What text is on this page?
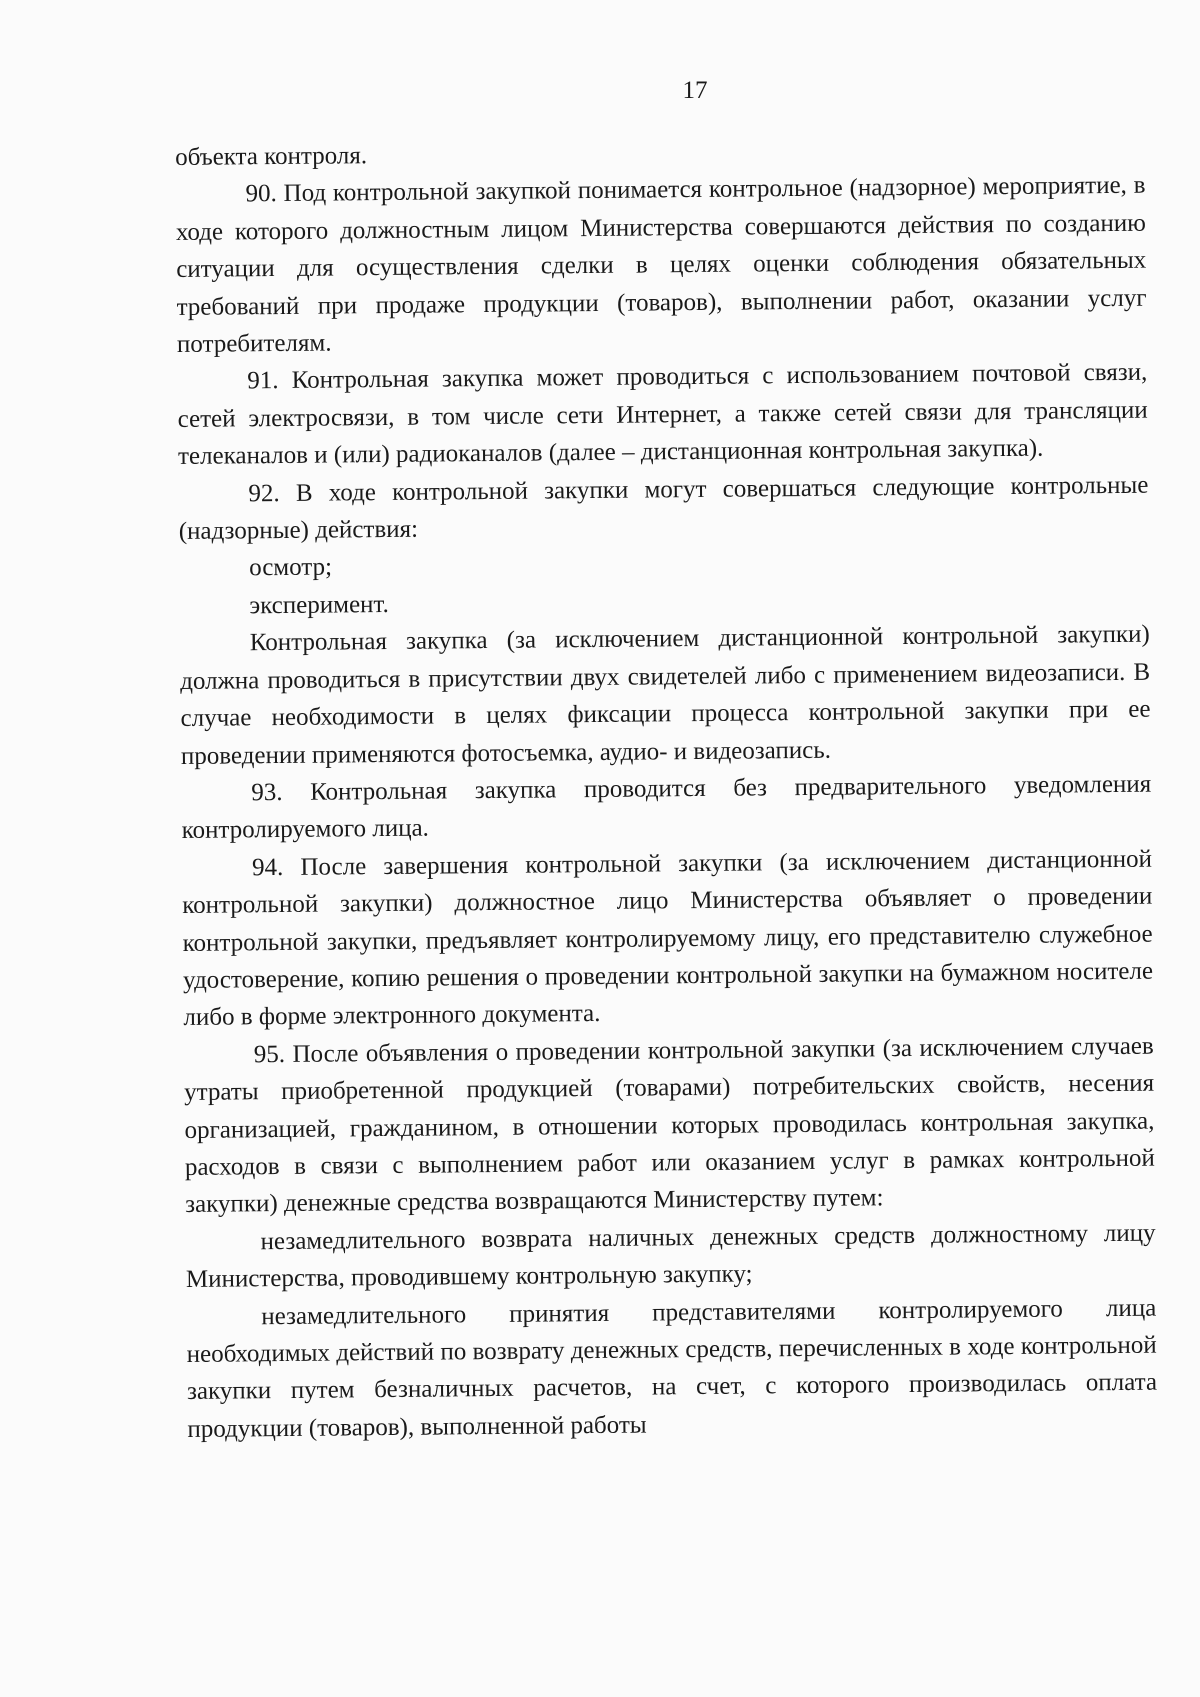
17

объекта контроля.

90. Под контрольной закупкой понимается контрольное (надзорное) мероприятие, в ходе которого должностным лицом Министерства совершаются действия по созданию ситуации для осуществления сделки в целях оценки соблюдения обязательных требований при продаже продукции (товаров), выполнении работ, оказании услуг потребителям.

91. Контрольная закупка может проводиться с использованием почтовой связи, сетей электросвязи, в том числе сети Интернет, а также сетей связи для трансляции телеканалов и (или) радиоканалов (далее – дистанционная контрольная закупка).

92. В ходе контрольной закупки могут совершаться следующие контрольные (надзорные) действия:

осмотр;

эксперимент.

Контрольная закупка (за исключением дистанционной контрольной закупки) должна проводиться в присутствии двух свидетелей либо с применением видеозаписи. В случае необходимости в целях фиксации процесса контрольной закупки при ее проведении применяются фотосъемка, аудио- и видеозапись.

93. Контрольная закупка проводится без предварительного уведомления контролируемого лица.

94. После завершения контрольной закупки (за исключением дистанционной контрольной закупки) должностное лицо Министерства объявляет о проведении контрольной закупки, предъявляет контролируемому лицу, его представителю служебное удостоверение, копию решения о проведении контрольной закупки на бумажном носителе либо в форме электронного документа.

95. После объявления о проведении контрольной закупки (за исключением случаев утраты приобретенной продукцией (товарами) потребительских свойств, несения организацией, гражданином, в отношении которых проводилась контрольная закупка, расходов в связи с выполнением работ или оказанием услуг в рамках контрольной закупки) денежные средства возвращаются Министерству путем:

незамедлительного возврата наличных денежных средств должностному лицу Министерства, проводившему контрольную закупку;

незамедлительного принятия представителями контролируемого лица необходимых действий по возврату денежных средств, перечисленных в ходе контрольной закупки путем безналичных расчетов, на счет, с которого производилась оплата продукции (товаров), выполненной работы
